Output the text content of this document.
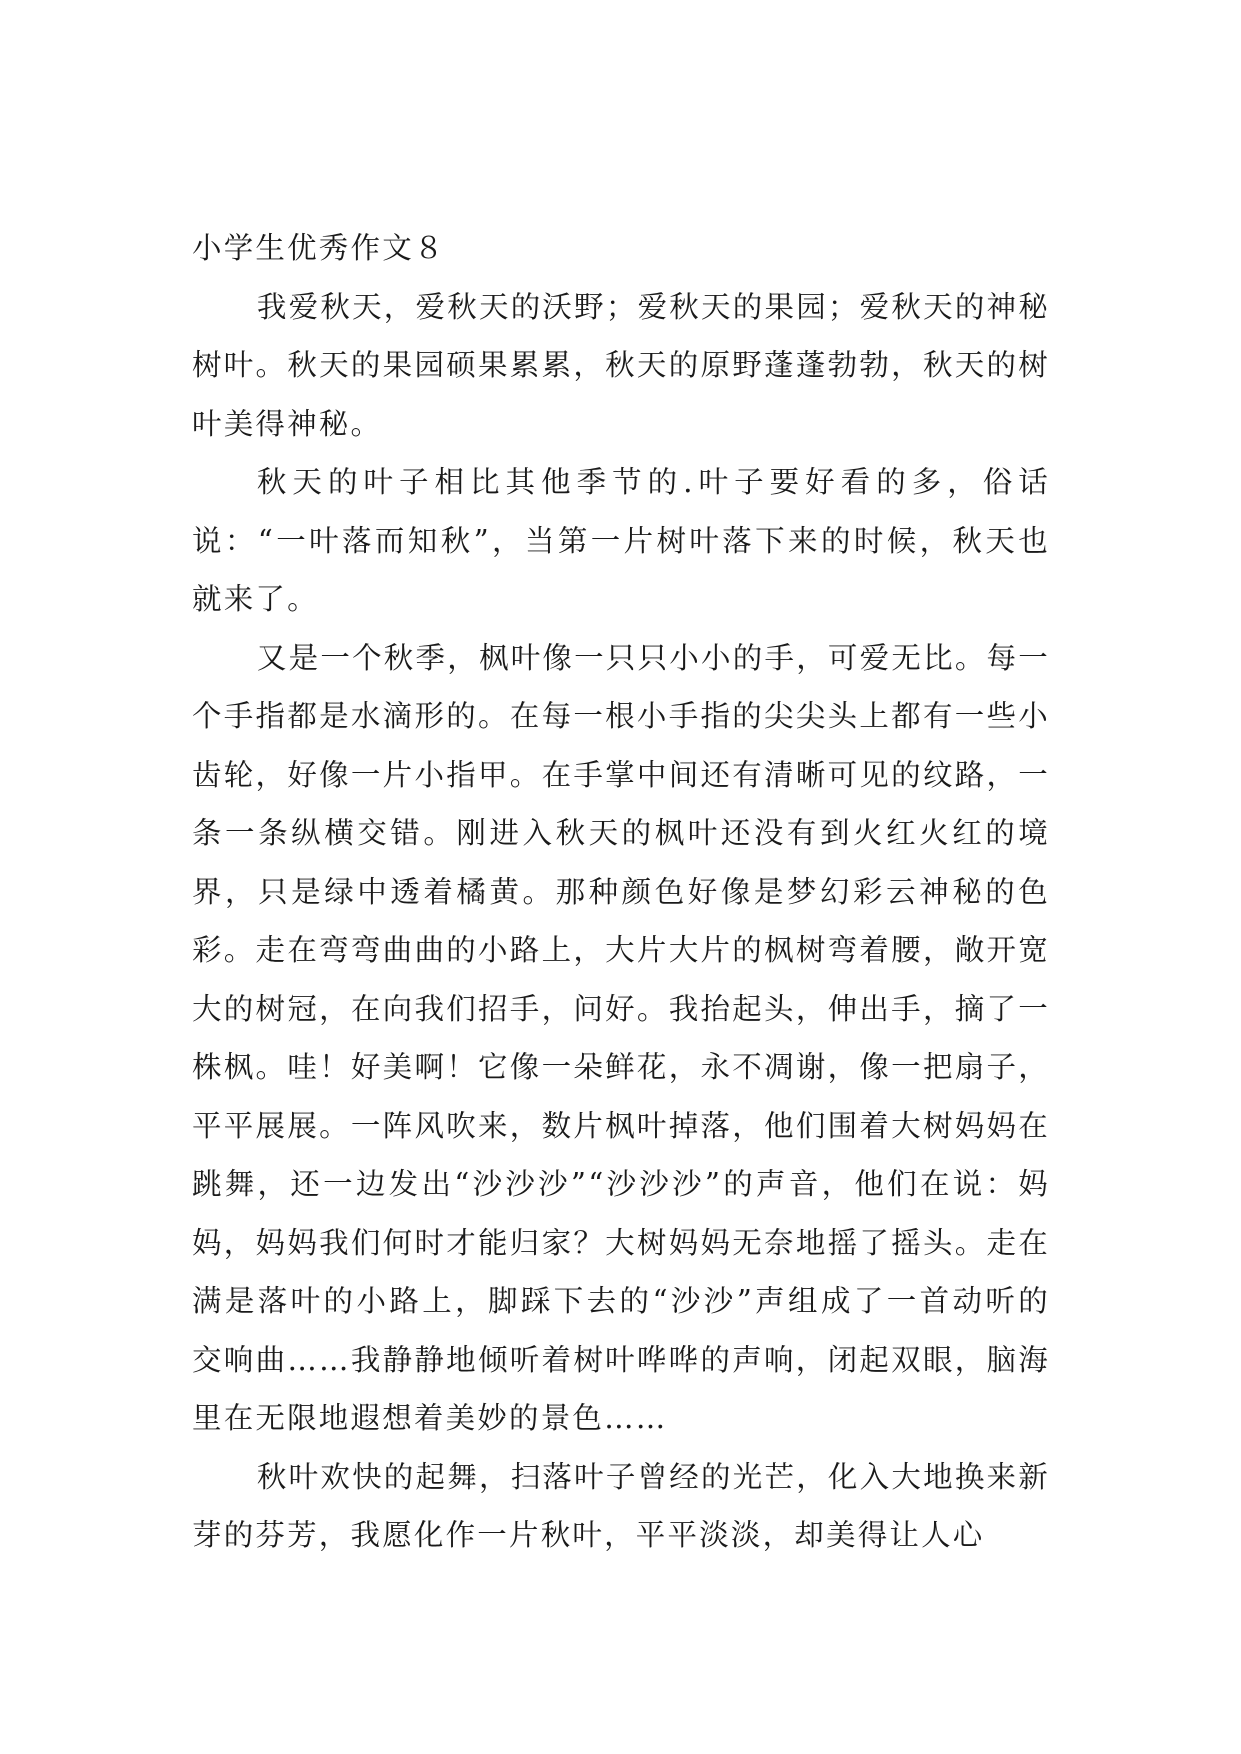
小学生优秀作文８

我爱秋天，爱秋天的沃野；爱秋天的果园；爱秋天的神秘树叶。秋天的果园硕果累累，秋天的原野蓬蓬勃勃，秋天的树叶美得神秘。

秋天的叶子相比其他季节的.叶子要好看的多，俗话说：“一叶落而知秋”，当第一片树叶落下来的时候，秋天也就来了。

又是一个秋季，枫叶像一只只小小的手，可爱无比。每一个手指都是水滴形的。在每一根小手指的尖尖头上都有一些小齿轮，好像一片小指甲。在手掌中间还有清晰可见的纹路，一条一条纵横交错。刚进入秋天的枫叶还没有到火红火红的境界，只是绿中透着橘黄。那种颜色好像是梦幻彩云神秘的色彩。走在弯弯曲曲的小路上，大片大片的枫树弯着腰，敞开宽大的树冠，在向我们招手，问好。我抬起头，伸出手，摘了一株枫。哇！好美啊！它像一朵鲜花，永不凋谢，像一把扇子，平平展展。一阵风吹来，数片枫叶掉落，他们围着大树妈妈在跳舞，还一边发出“沙沙沙”“沙沙沙”的声音，他们在说：妈妈，妈妈我们何时才能归家？大树妈妈无奈地摇了摇头。走在满是落叶的小路上，脚踩下去的“沙沙”声组成了一首动听的交响曲……我静静地倾听着树叶哗哗的声响，闭起双眼，脑海里在无限地遐想着美妙的景色……

秋叶欢快的起舞，扫落叶子曾经的光芒，化入大地换来新芽的芬芳，我愿化作一片秋叶，平平淡淡，却美得让人心
